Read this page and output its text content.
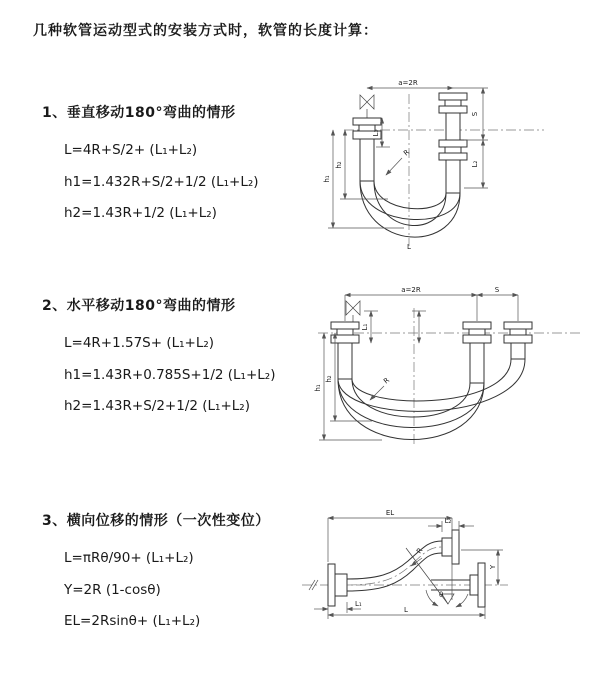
几种软管运动型式的安装方式时，软管的长度计算：
1、垂直移动180°弯曲的情形
L=4R+S/2+ (L₁+L₂)
h1=1.432R+S/2+1/2 (L₁+L₂)
h2=1.43R+1/2 (L₁+L₂)
2、水平移动180°弯曲的情形
L=4R+1.57S+ (L₁+L₂)
h1=1.43R+0.785S+1/2 (L₁+L₂)
h2=1.43R+S/2+1/2 (L₁+L₂)
3、横向位移的情形（一次性变位）
L=πRθ/90+ (L₁+L₂)
Y=2R (1-cosθ)
EL=2Rsinθ+ (L₁+L₂)
a=2R
S
L₂
h₁
h₂
L₁
R
L
a=2R	S
h₁
h₂
L₁
R
EL
L₂
Y
L
L₁
R
θ
